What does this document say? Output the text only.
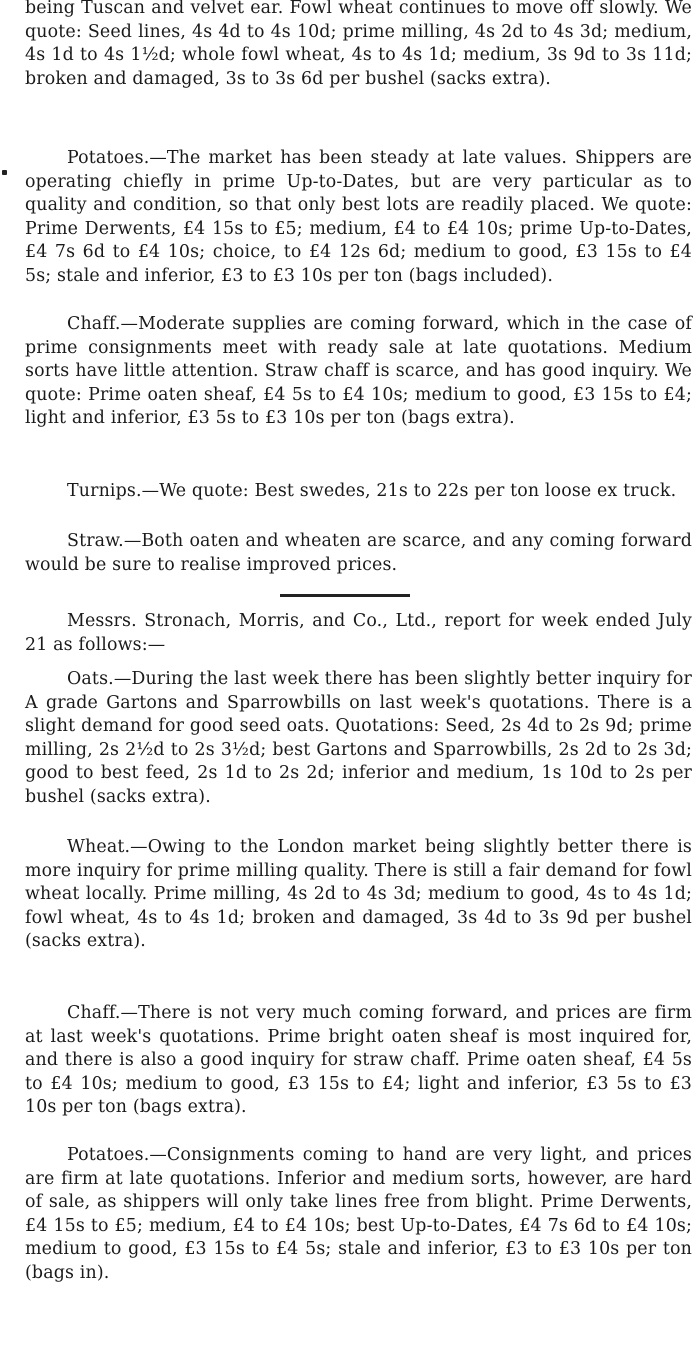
being Tuscan and velvet ear. Fowl wheat continues to move off slowly. We quote: Seed lines, 4s 4d to 4s 10d; prime milling, 4s 2d to 4s 3d; medium, 4s 1d to 4s 1½d; whole fowl wheat, 4s to 4s 1d; medium, 3s 9d to 3s 11d; broken and damaged, 3s to 3s 6d per bushel (sacks extra).

Potatoes.—The market has been steady at late values. Shippers are operating chiefly in prime Up-to-Dates, but are very particular as to quality and condition, so that only best lots are readily placed. We quote: Prime Derwents, £4 15s to £5; medium, £4 to £4 10s; prime Up-to-Dates, £4 7s 6d to £4 10s; choice, to £4 12s 6d; medium to good, £3 15s to £4 5s; stale and inferior, £3 to £3 10s per ton (bags included).

Chaff.—Moderate supplies are coming forward, which in the case of prime consignments meet with ready sale at late quotations. Medium sorts have little attention. Straw chaff is scarce, and has good inquiry. We quote: Prime oaten sheaf, £4 5s to £4 10s; medium to good, £3 15s to £4; light and inferior, £3 5s to £3 10s per ton (bags extra).

Turnips.—We quote: Best swedes, 21s to 22s per ton loose ex truck.

Straw.—Both oaten and wheaten are scarce, and any coming forward would be sure to realise improved prices.

Messrs. Stronach, Morris, and Co., Ltd., report for week ended July 21 as follows:—

Oats.—During the last week there has been slightly better inquiry for A grade Gartons and Sparrowbills on last week's quotations. There is a slight demand for good seed oats. Quotations: Seed, 2s 4d to 2s 9d; prime milling, 2s 2½d to 2s 3½d; best Gartons and Sparrowbills, 2s 2d to 2s 3d; good to best feed, 2s 1d to 2s 2d; inferior and medium, 1s 10d to 2s per bushel (sacks extra).

Wheat.—Owing to the London market being slightly better there is more inquiry for prime milling quality. There is still a fair demand for fowl wheat locally. Prime milling, 4s 2d to 4s 3d; medium to good, 4s to 4s 1d; fowl wheat, 4s to 4s 1d; broken and damaged, 3s 4d to 3s 9d per bushel (sacks extra).

Chaff.—There is not very much coming forward, and prices are firm at last week's quotations. Prime bright oaten sheaf is most inquired for, and there is also a good inquiry for straw chaff. Prime oaten sheaf, £4 5s to £4 10s; medium to good, £3 15s to £4; light and inferior, £3 5s to £3 10s per ton (bags extra).

Potatoes.—Consignments coming to hand are very light, and prices are firm at late quotations. Inferior and medium sorts, however, are hard of sale, as shippers will only take lines free from blight. Prime Derwents, £4 15s to £5; medium, £4 to £4 10s; best Up-to-Dates, £4 7s 6d to £4 10s; medium to good, £3 15s to £4 5s; stale and inferior, £3 to £3 10s per ton (bags in).
